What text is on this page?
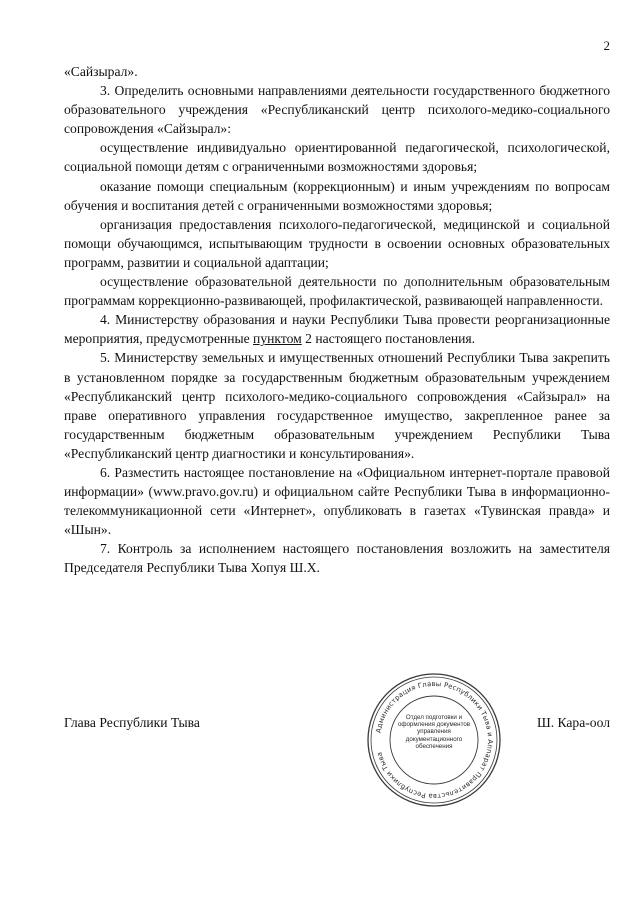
2

«Сайзырал».

3. Определить основными направлениями деятельности государственного бюджетного образовательного учреждения «Республиканский центр психолого-медико-социального сопровождения «Сайзырал»:

осуществление индивидуально ориентированной педагогической, психологической, социальной помощи детям с ограниченными возможностями здоровья;

оказание помощи специальным (коррекционным) и иным учреждениям по вопросам обучения и воспитания детей с ограниченными возможностями здоровья;

организация предоставления психолого-педагогической, медицинской и социальной помощи обучающимся, испытывающим трудности в освоении основных образовательных программ, развитии и социальной адаптации;

осуществление образовательной деятельности по дополнительным образовательным программам коррекционно-развивающей, профилактической, развивающей направленности.

4. Министерству образования и науки Республики Тыва провести реорганизационные мероприятия, предусмотренные пунктом 2 настоящего постановления.

5. Министерству земельных и имущественных отношений Республики Тыва закрепить в установленном порядке за государственным бюджетным образовательным учреждением «Республиканский центр психолого-медико-социального сопровождения «Сайзырал» на праве оперативного управления государственное имущество, закрепленное ранее за государственным бюджетным образовательным учреждением Республики Тыва «Республиканский центр диагностики и консультирования».

6. Разместить настоящее постановление на «Официальном интернет-портале правовой информации» (www.pravo.gov.ru) и официальном сайте Республики Тыва в информационно-телекоммуникационной сети «Интернет», опубликовать в газетах «Тувинская правда» и «Шын».

7. Контроль за исполнением настоящего постановления возложить на заместителя Председателя Республики Тыва Хопуя Ш.Х.

Глава Республики Тыва
Администрация Главы Республики Тыва и Аппарат Правительства Республики Тыва
Отдел подготовки и оформления документов управления документационного обеспечения
Ш. Кара-оол
